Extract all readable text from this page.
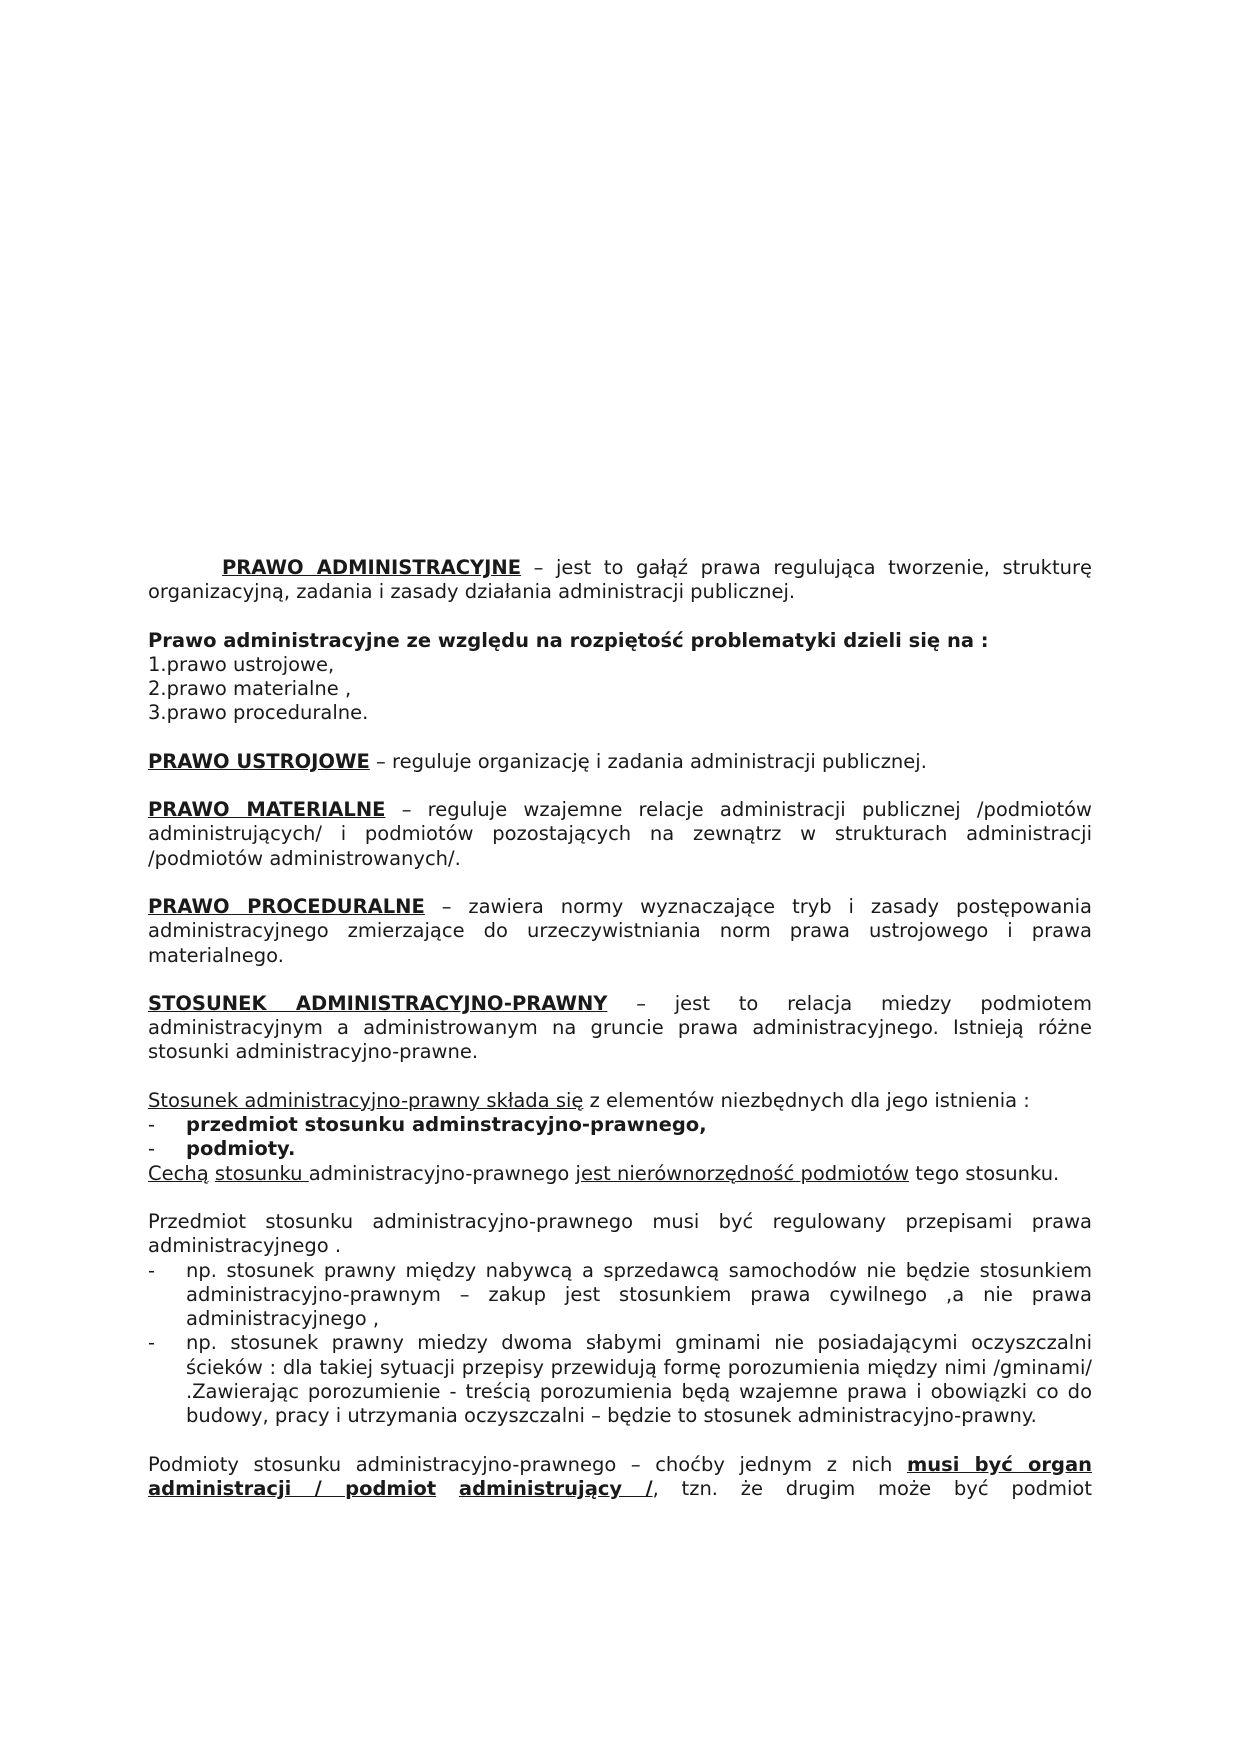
PRAWO ADMINISTRACYJNE – jest to gałąź prawa regulująca tworzenie, strukturę organizacyjną, zadania i zasady działania administracji publicznej.

Prawo administracyjne ze względu na rozpiętość problematyki dzieli się na :

1.prawo ustrojowe,

2.prawo materialne ,

3.prawo proceduralne.

PRAWO USTROJOWE – reguluje organizację i zadania administracji publicznej.

PRAWO MATERIALNE – reguluje wzajemne relacje administracji publicznej /podmiotów administrujących/ i podmiotów pozostających na zewnątrz w strukturach administracji /podmiotów administrowanych/.

PRAWO PROCEDURALNE – zawiera normy wyznaczające tryb i zasady postępowania administracyjnego zmierzające do urzeczywistniania norm prawa ustrojowego i prawa materialnego.

STOSUNEK ADMINISTRACYJNO-PRAWNY – jest to relacja miedzy podmiotem administracyjnym a administrowanym na gruncie prawa administracyjnego. Istnieją różne stosunki administracyjno-prawne.

Stosunek administracyjno-prawny składa się z elementów niezbędnych dla jego istnienia :

-	przedmiot stosunku adminstracyjno-prawnego,
-	podmioty.

Cechą stosunku administracyjno-prawnego jest nierównorzędność podmiotów tego stosunku.

Przedmiot stosunku administracyjno-prawnego musi być regulowany przepisami prawa administracyjnego .

-	np. stosunek prawny między nabywcą a sprzedawcą samochodów nie będzie stosunkiem administracyjno-prawnym – zakup jest stosunkiem prawa cywilnego ,a nie prawa administracyjnego ,
-	np. stosunek prawny miedzy dwoma słabymi gminami nie posiadającymi oczyszczalni ścieków : dla takiej sytuacji przepisy przewidują formę porozumienia między nimi /gminami/ .Zawierając porozumienie - treścią porozumienia będą wzajemne prawa i obowiązki co do budowy, pracy i utrzymania oczyszczalni – będzie to stosunek administracyjno-prawny.

Podmioty stosunku administracyjno-prawnego – choćby jednym z nich musi być organ administracji / podmiot administrujący /, tzn. że drugim może być podmiot
